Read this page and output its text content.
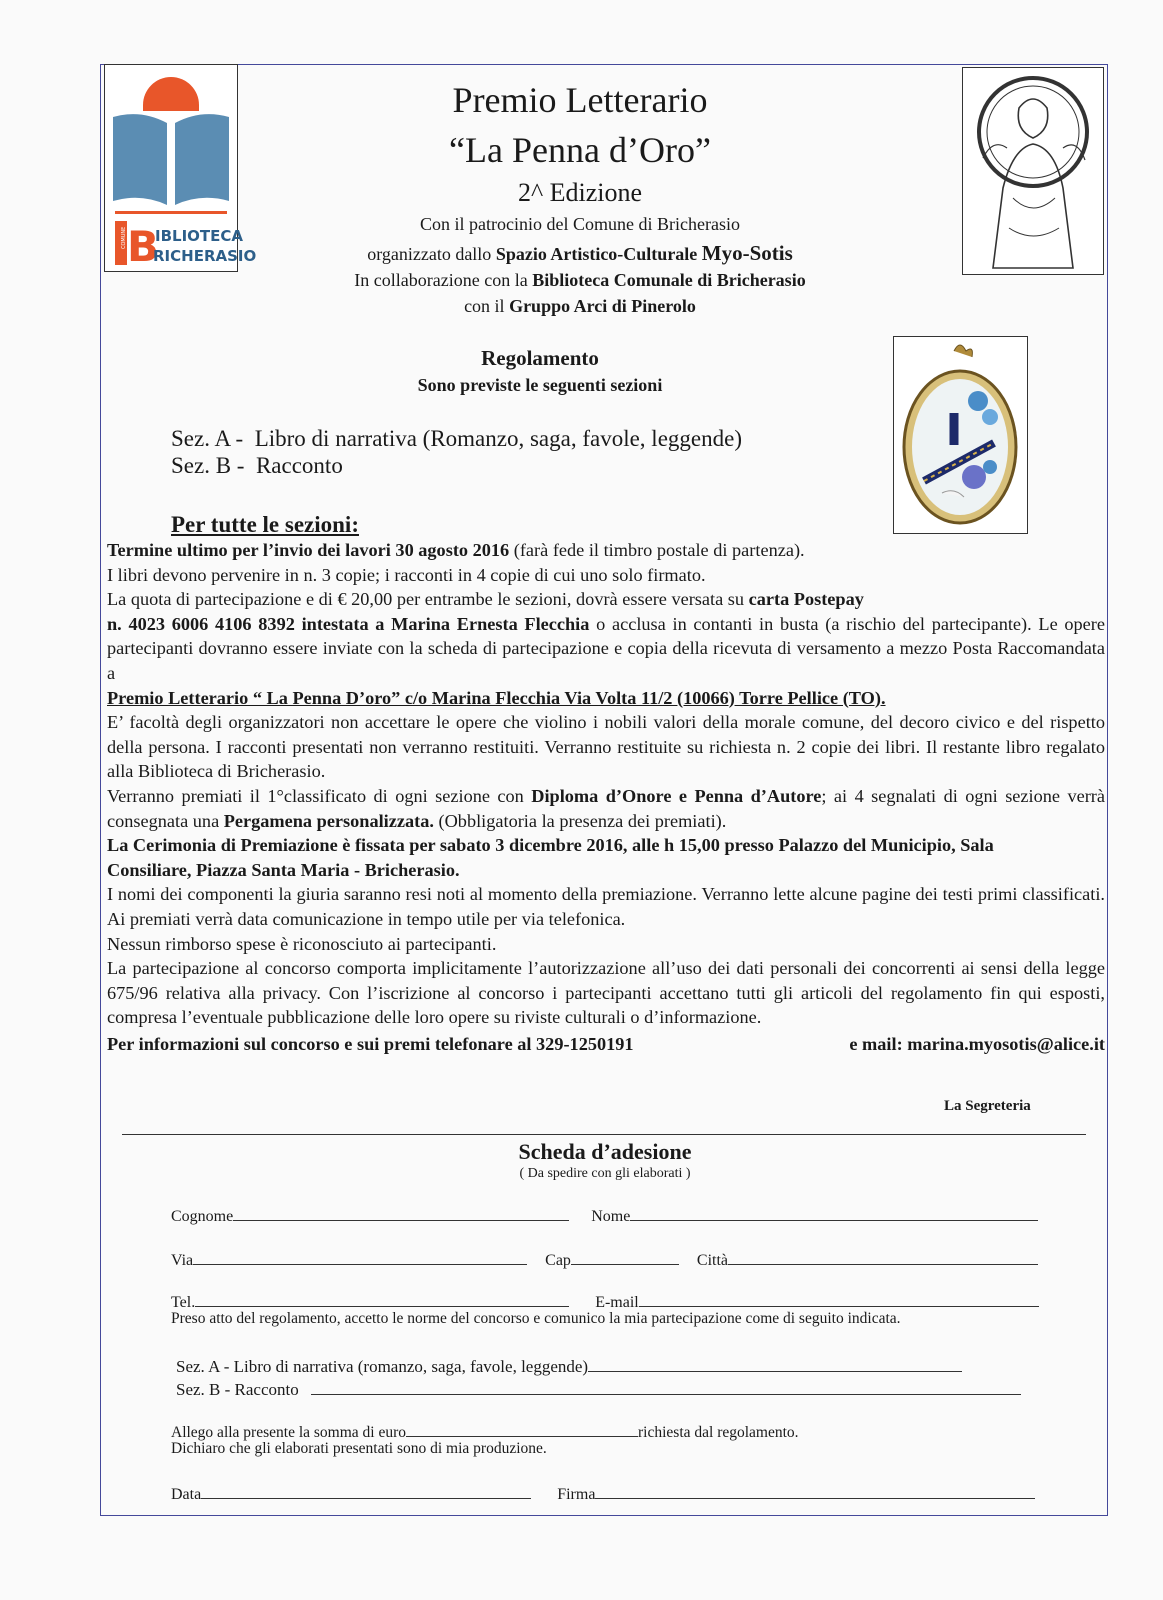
COMUNE B
IBLIOTECA
RICHERASIO
Premio Letterario
“La Penna d’Oro”
2^ Edizione
Con il patrocinio del Comune di Bricherasio
organizzato dallo Spazio Artistico-Culturale Myo-Sotis
In collaborazione con la Biblioteca Comunale di Bricherasio
con il Gruppo Arci di Pinerolo
Regolamento
Sono previste le seguenti sezioni
Sez. A - Libro di narrativa (Romanzo, saga, favole, leggende)
Sez. B - Racconto
Per tutte le sezioni:

Termine ultimo per l’invio dei lavori 30 agosto 2016 (farà fede il timbro postale di partenza).

I libri devono pervenire in n. 3 copie; i racconti in 4 copie di cui uno solo firmato.

La quota di partecipazione e di € 20,00 per entrambe le sezioni, dovrà essere versata su carta Postepay

n. 4023 6006 4106 8392 intestata a Marina Ernesta Flecchia o acclusa in contanti in busta (a rischio del partecipante). Le opere partecipanti dovranno essere inviate con la scheda di partecipazione e copia della ricevuta di versamento a mezzo Posta Raccomandata a

Premio Letterario “ La Penna D’oro” c/o Marina Flecchia Via Volta 11/2 (10066) Torre Pellice (TO).

E’ facoltà degli organizzatori non accettare le opere che violino i nobili valori della morale comune, del decoro civico e del rispetto della persona. I racconti presentati non verranno restituiti. Verranno restituite su richiesta n. 2 copie dei libri. Il restante libro regalato alla Biblioteca di Bricherasio.

Verranno premiati il 1°classificato di ogni sezione con Diploma d’Onore e Penna d’Autore; ai 4 segnalati di ogni sezione verrà consegnata una Pergamena personalizzata. (Obbligatoria la presenza dei premiati).

La Cerimonia di Premiazione è fissata per sabato 3 dicembre 2016, alle h 15,00 presso Palazzo del Municipio, Sala Consiliare, Piazza Santa Maria - Bricherasio.

I nomi dei componenti la giuria saranno resi noti al momento della premiazione. Verranno lette alcune pagine dei testi primi classificati. Ai premiati verrà data comunicazione in tempo utile per via telefonica.

Nessun rimborso spese è riconosciuto ai partecipanti.

La partecipazione al concorso comporta implicitamente l’autorizzazione all’uso dei dati personali dei concorrenti ai sensi della legge 675/96 relativa alla privacy. Con l’iscrizione al concorso i partecipanti accettano tutti gli articoli del regolamento fin qui esposti, compresa l’eventuale pubblicazione delle loro opere su riviste culturali o d’informazione.

Per informazioni sul concorso e sui premi telefonare al 329-1250191	e mail: marina.myosotis@alice.it

La Segreteria
Scheda d’adesione
( Da spedire con gli elaborati )
Cognome	Nome
Via	Cap	Città
Tel.	E-mail
Preso atto del regolamento, accetto le norme del concorso e comunico la mia partecipazione come di seguito indicata.
Sez. A - Libro di narrativa (romanzo, saga, favole, leggende)
Sez. B - Racconto
Allego alla presente la somma di euro	richiesta dal regolamento.
Dichiaro che gli elaborati presentati sono di mia produzione.
Data	Firma
